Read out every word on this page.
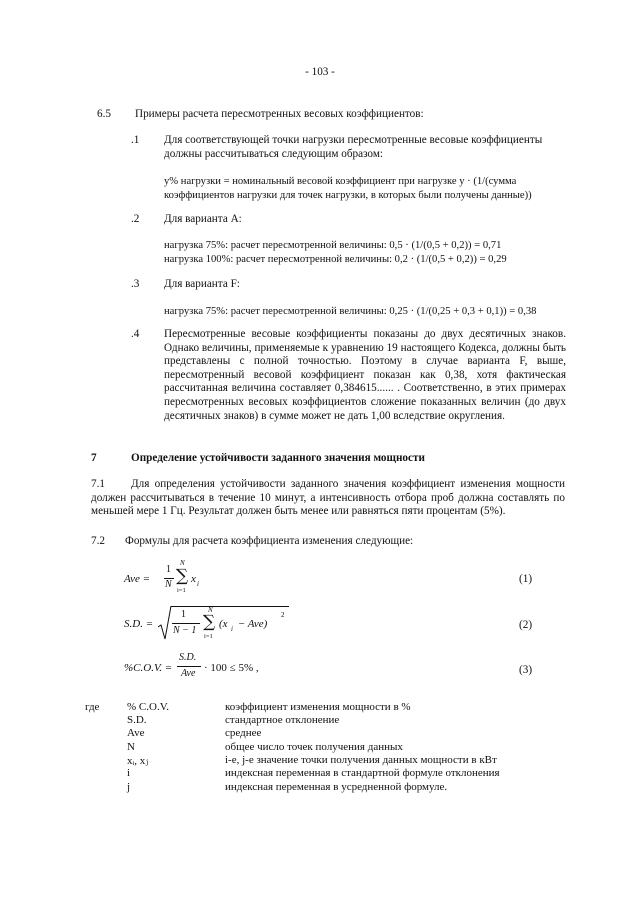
- 103 -
6.5 Примеры расчета пересмотренных весовых коэффициентов:
.1 Для соответствующей точки нагрузки пересмотренные весовые коэффициенты должны рассчитываться следующим образом:
y% нагрузки = номинальный весовой коэффициент при нагрузке y · (1/(сумма
коэффициентов нагрузки для точек нагрузки, в которых были получены данные))
.2 Для варианта А:
нагрузка 75%: расчет пересмотренной величины: 0,5 · (1/(0,5 + 0,2)) = 0,71
нагрузка 100%: расчет пересмотренной величины: 0,2 · (1/(0,5 + 0,2)) = 0,29
.3 Для варианта F:
нагрузка 75%: расчет пересмотренной величины: 0,25 · (1/(0,25 + 0,3 + 0,1)) = 0,38
.4 Пересмотренные весовые коэффициенты показаны до двух десятичных знаков. Однако величины, применяемые к уравнению 19 настоящего Кодекса, должны быть представлены с полной точностью. Поэтому в случае варианта F, выше, пересмотренный весовой коэффициент показан как 0,38, хотя фактическая рассчитанная величина составляет 0,384615...... . Соответственно, в этих примерах пересмотренных весовых коэффициентов сложение показанных величин (до двух десятичных знаков) в сумме может не дать 1,00 вследствие округления.
7	Определение устойчивости заданного значения мощности
Для определения устойчивости заданного значения коэффициент изменения мощности должен рассчитываться в течение 10 минут, а интенсивность отбора проб должна составлять по меньшей мере 1 Гц. Результат должен быть менее или равняться пяти процентам (5%).
7.1
7.2 Формулы для расчета коэффициента изменения следующие:
Ave =
1
N
N
∑
i=1
x i	(1)
S.D. =
1
N − 1
N
∑
i=1
(x i − Ave)
2
(2)
%C.O.V. =
S.D.
Ave · 100 ≤ 5% ,	(3)
где	% C.O.V.	коэффициент изменения мощности в %
S.D.	стандартное отклонение
Ave	среднее
N	общее число точек получения данных
xᵢ, xⱼ	i-е, j-е значение точки получения данных мощности в кВт
i	индексная переменная в стандартной формуле отклонения
j	индексная переменная в усредненной формуле.
